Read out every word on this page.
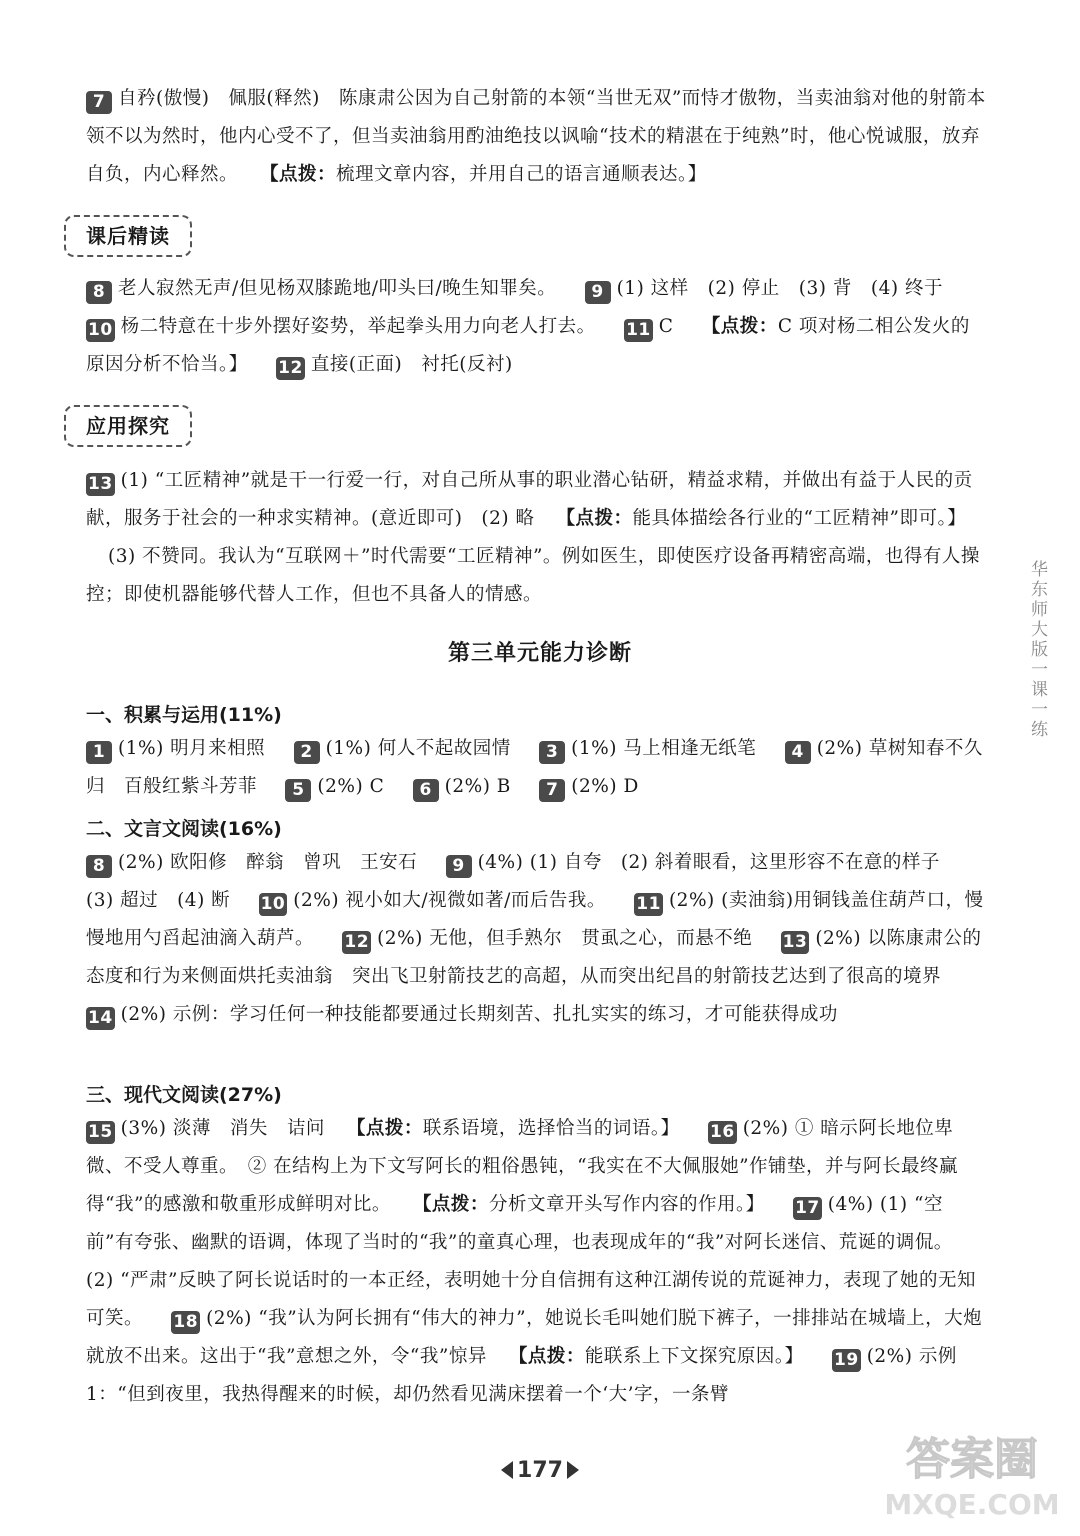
7 自矜(傲慢)　佩服(释然)　陈康肃公因为自己射箭的本领“当世无双”而恃才傲物，当卖油翁对他的射箭本领不以为然时，他内心受不了，但当卖油翁用酌油绝技以讽喻“技术的精湛在于纯熟”时，他心悦诚服，放弃自负，内心释然。 【点拨：梳理文章内容，并用自己的语言通顺表达。】
课后精读
8 老人寂然无声/但见杨双膝跪地/叩头曰/晚生知罪矣。 9 (1) 这样　(2) 停止　(3) 背　(4) 终于 10 杨二特意在十步外摆好姿势，举起拳头用力向老人打去。 11 C 【点拨：C 项对杨二相公发火的原因分析不恰当。】 12 直接(正面)　衬托(反衬)
应用探究
13 (1) “工匠精神”就是干一行爱一行，对自己所从事的职业潜心钻研，精益求精，并做出有益于人民的贡献，服务于社会的一种求实精神。(意近即可)　(2) 略 【点拨：能具体描绘各行业的“工匠精神”即可。】(3) 不赞同。我认为“互联网＋”时代需要“工匠精神”。例如医生，即使医疗设备再精密高端，也得有人操控；即使机器能够代替人工作，但也不具备人的情感。
第三单元能力诊断
一、积累与运用(11%)
1 (1%) 明月来相照 2 (1%) 何人不起故园情 3 (1%) 马上相逢无纸笔 4 (2%) 草树知春不久归　百般红紫斗芳菲 5 (2%) C 6 (2%) B 7 (2%) D
二、文言文阅读(16%)
8 (2%) 欧阳修　醉翁　曾巩　王安石 9 (4%) (1) 自夸　(2) 斜着眼看，这里形容不在意的样子　(3) 超过　(4) 断 10 (2%) 视小如大/视微如著/而后告我。 11 (2%) (卖油翁)用铜钱盖住葫芦口，慢慢地用勺舀起油滴入葫芦。 12 (2%) 无他，但手熟尔　贯虱之心，而悬不绝 13 (2%) 以陈康肃公的态度和行为来侧面烘托卖油翁　突出飞卫射箭技艺的高超，从而突出纪昌的射箭技艺达到了很高的境界 14 (2%) 示例：学习任何一种技能都要通过长期刻苦、扎扎实实的练习，才可能获得成功
三、现代文阅读(27%)
15 (3%) 淡薄　消失　诘问 【点拨：联系语境，选择恰当的词语。】 16 (2%) ① 暗示阿长地位卑微、不受人尊重。　② 在结构上为下文写阿长的粗俗愚钝，“我实在不大佩服她”作铺垫，并与阿长最终赢得“我”的感激和敬重形成鲜明对比。 【点拨：分析文章开头写作内容的作用。】 17 (4%) (1) “空前”有夸张、幽默的语调，体现了当时的“我”的童真心理，也表现成年的“我”对阿长迷信、荒诞的调侃。　(2) “严肃”反映了阿长说话时的一本正经，表明她十分自信拥有这种江湖传说的荒诞神力，表现了她的无知可笑。 18 (2%) “我”认为阿长拥有“伟大的神力”，她说长毛叫她们脱下裤子，一排排站在城墙上，大炮就放不出来。这出于“我”意想之外，令“我”惊异 【点拨：能联系上下文探究原因。】 19 (2%) 示例1：“但到夜里，我热得醒来的时候，却仍然看见满床摆着一个‘大’字，一条臂
华东师大版一课一练
177	答案圈
MXQE.COM
